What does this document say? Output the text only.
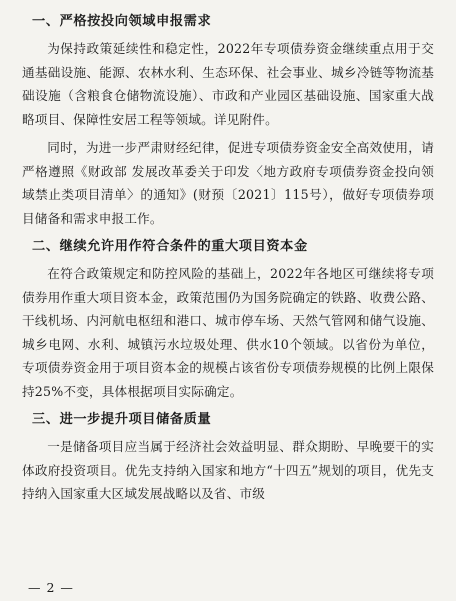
一、严格按投向领域申报需求

为保持政策延续性和稳定性，2022年专项债券资金继续重点用于交通基础设施、能源、农林水利、生态环保、社会事业、城乡冷链等物流基础设施（含粮食仓储物流设施）、市政和产业园区基础设施、国家重大战略项目、保障性安居工程等领域。详见附件。

同时，为进一步严肃财经纪律，促进专项债券资金安全高效使用，请严格遵照《财政部 发展改革委关于印发〈地方政府专项债券资金投向领域禁止类项目清单〉的通知》(财预〔2021〕115号），做好专项债券项目储备和需求申报工作。

二、继续允许用作符合条件的重大项目资本金

在符合政策规定和防控风险的基础上，2022年各地区可继续将专项债券用作重大项目资本金，政策范围仍为国务院确定的铁路、收费公路、干线机场、内河航电枢纽和港口、城市停车场、天然气管网和储气设施、城乡电网、水利、城镇污水垃圾处理、供水10个领域。以省份为单位，专项债券资金用于项目资本金的规模占该省份专项债券规模的比例上限保持25%不变，具体根据项目实际确定。

三、进一步提升项目储备质量

一是储备项目应当属于经济社会效益明显、群众期盼、早晚要干的实体政府投资项目。优先支持纳入国家和地方“十四五”规划的项目，优先支持纳入国家重大区域发展战略以及省、市级

— 2 —
